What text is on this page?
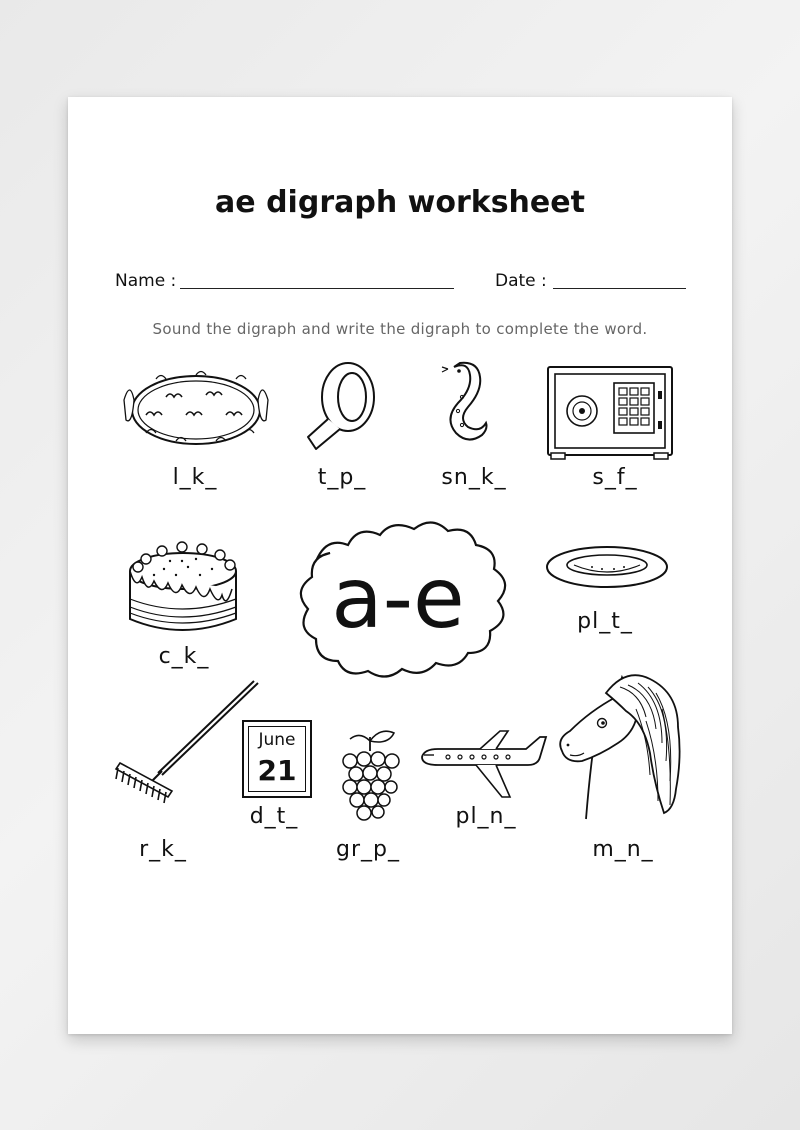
ae digraph worksheet
Name :	Date :
Sound the digraph and write the digraph to complete the word.
l_k_	t_p_	sn_k_	s_f_
c_k_
a-e	pl_t_
r_k_
June
21
d_t_
gr_p_
pl_n_
m_n_
